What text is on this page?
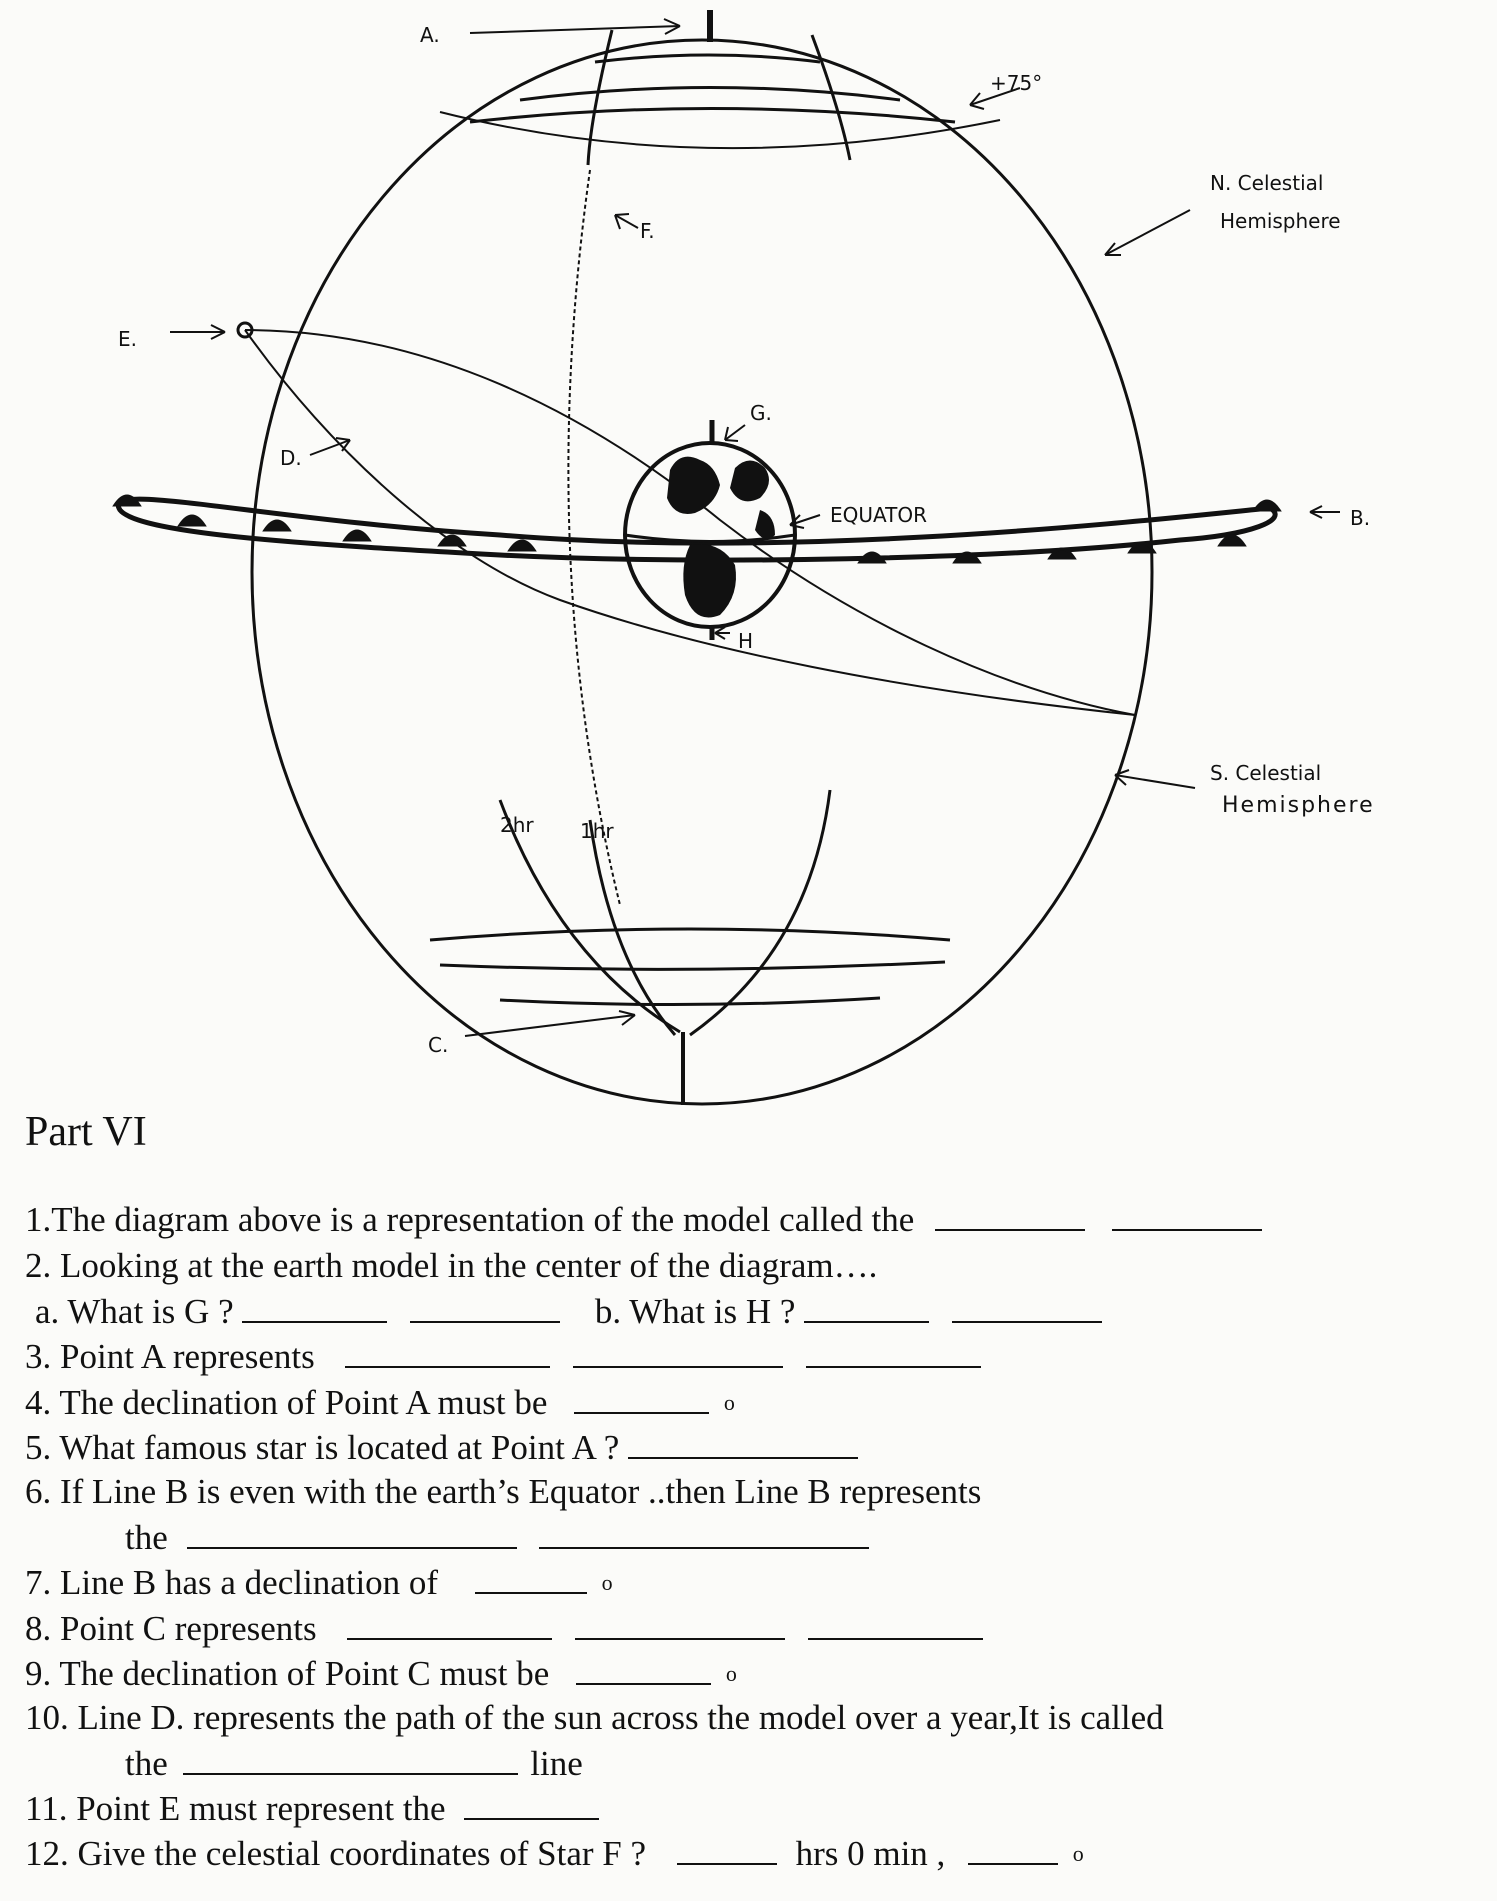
A.
+75°
F.
N. Celestial
Hemisphere
E.
G.
D.
EQUATOR	B.
H
S. Celestial
Hemisphere
2hr 1hr
C.
Part VI
1.The diagram above is a representation of the model called the
2. Looking at the earth model in the center of the diagram….
a. What is G ?	b. What is H ?
3. Point A represents
4. The declination of Point A must be	$^o$
5. What famous star is located at Point A ?
6. If Line B is even with the earth’s Equator ..then Line B represents
the
7. Line B has a declination of	$^o$
8. Point C represents
9. The declination of Point C must be	$^o$
10. Line D. represents the path of the sun across the model over a year,It is called
the	line
11. Point E must represent the
12. Give the celestial coordinates of Star F ?	hrs 0 min ,	$^o$
